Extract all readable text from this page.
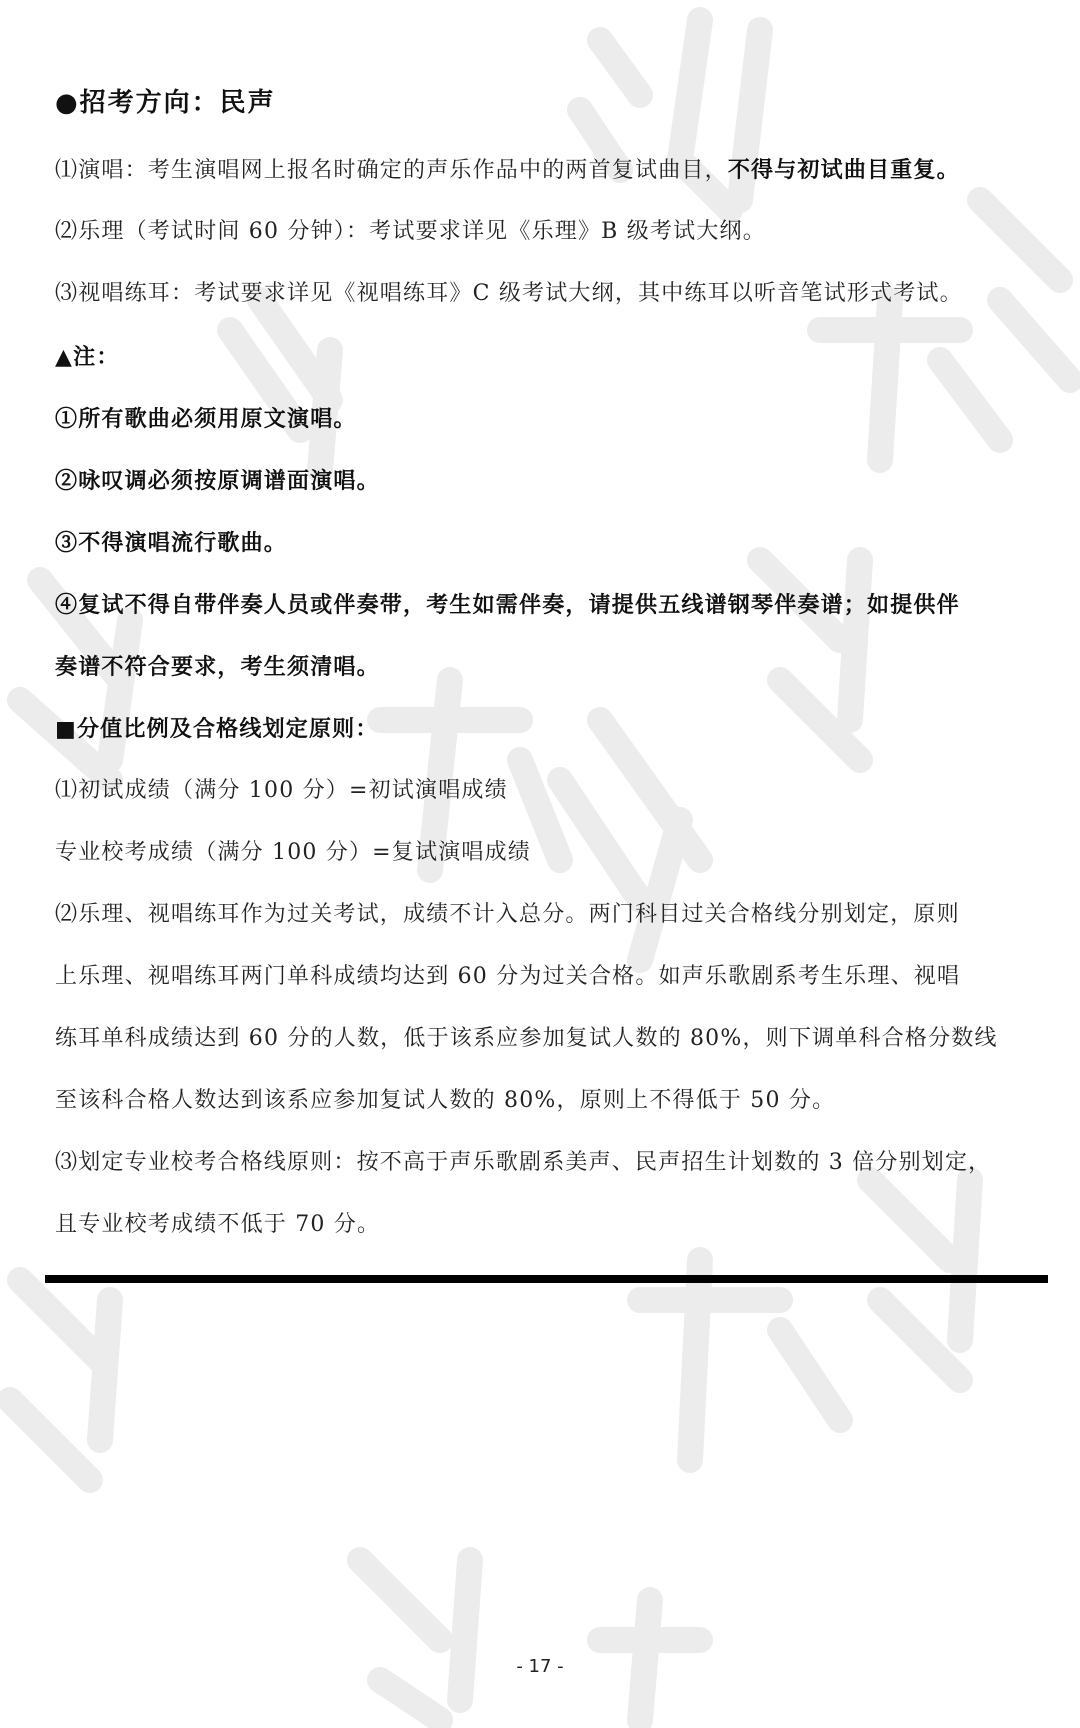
●招考方向：民声
⑴演唱：考生演唱网上报名时确定的声乐作品中的两首复试曲目，不得与初试曲目重复。
⑵乐理（考试时间 60 分钟）：考试要求详见《乐理》B 级考试大纲。
⑶视唱练耳：考试要求详见《视唱练耳》C 级考试大纲，其中练耳以听音笔试形式考试。
▲注：
①所有歌曲必须用原文演唱。
②咏叹调必须按原调谱面演唱。
③不得演唱流行歌曲。
④复试不得自带伴奏人员或伴奏带，考生如需伴奏，请提供五线谱钢琴伴奏谱；如提供伴
奏谱不符合要求，考生须清唱。
■分值比例及合格线划定原则：
⑴初试成绩（满分 100 分）=初试演唱成绩
专业校考成绩（满分 100 分）=复试演唱成绩
⑵乐理、视唱练耳作为过关考试，成绩不计入总分。两门科目过关合格线分别划定，原则
上乐理、视唱练耳两门单科成绩均达到 60 分为过关合格。如声乐歌剧系考生乐理、视唱
练耳单科成绩达到 60 分的人数，低于该系应参加复试人数的 80%，则下调单科合格分数线
至该科合格人数达到该系应参加复试人数的 80%，原则上不得低于 50 分。
⑶划定专业校考合格线原则：按不高于声乐歌剧系美声、民声招生计划数的 3 倍分别划定，
且专业校考成绩不低于 70 分。
- 17 -
